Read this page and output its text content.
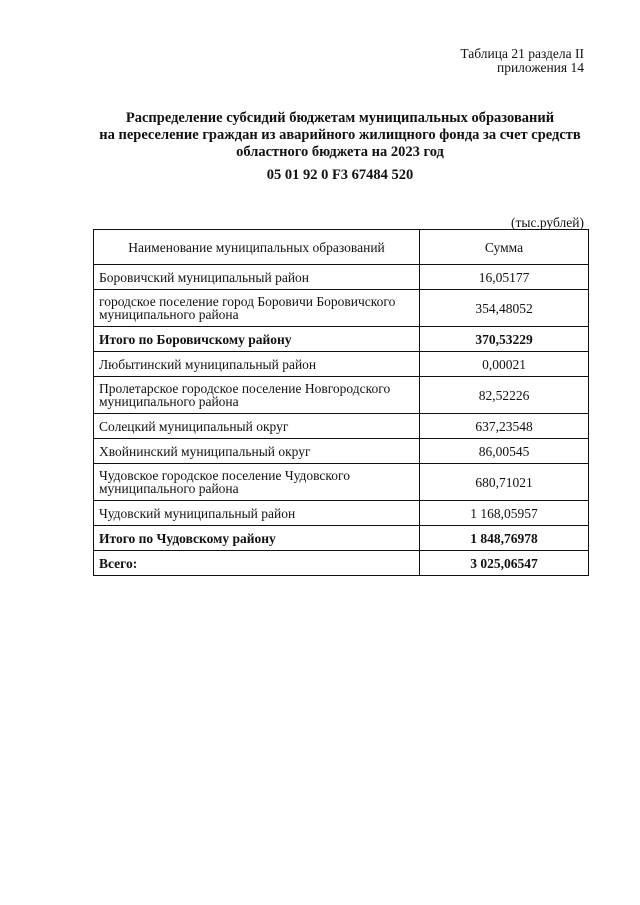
Таблица 21 раздела II
приложения 14
Распределение субсидий бюджетам муниципальных образований
на переселение граждан из аварийного жилищного фонда за счет средств
областного бюджета на 2023 год
05 01 92 0 F3 67484 520
(тыс.рублей)
Наименование муниципальных образований	Сумма
Боровичский муниципальный район	16,05177
городское поселение город Боровичи Боровичского муниципального района	354,48052
Итого по Боровичскому району	370,53229
Любытинский муниципальный район	0,00021
Пролетарское городское поселение Новгородского муниципального района	82,52226
Солецкий муниципальный округ	637,23548
Хвойнинский муниципальный округ	86,00545
Чудовское городское поселение Чудовского муниципального района	680,71021
Чудовский муниципальный район	1 168,05957
Итого по Чудовскому району	1 848,76978
Всего:	3 025,06547
